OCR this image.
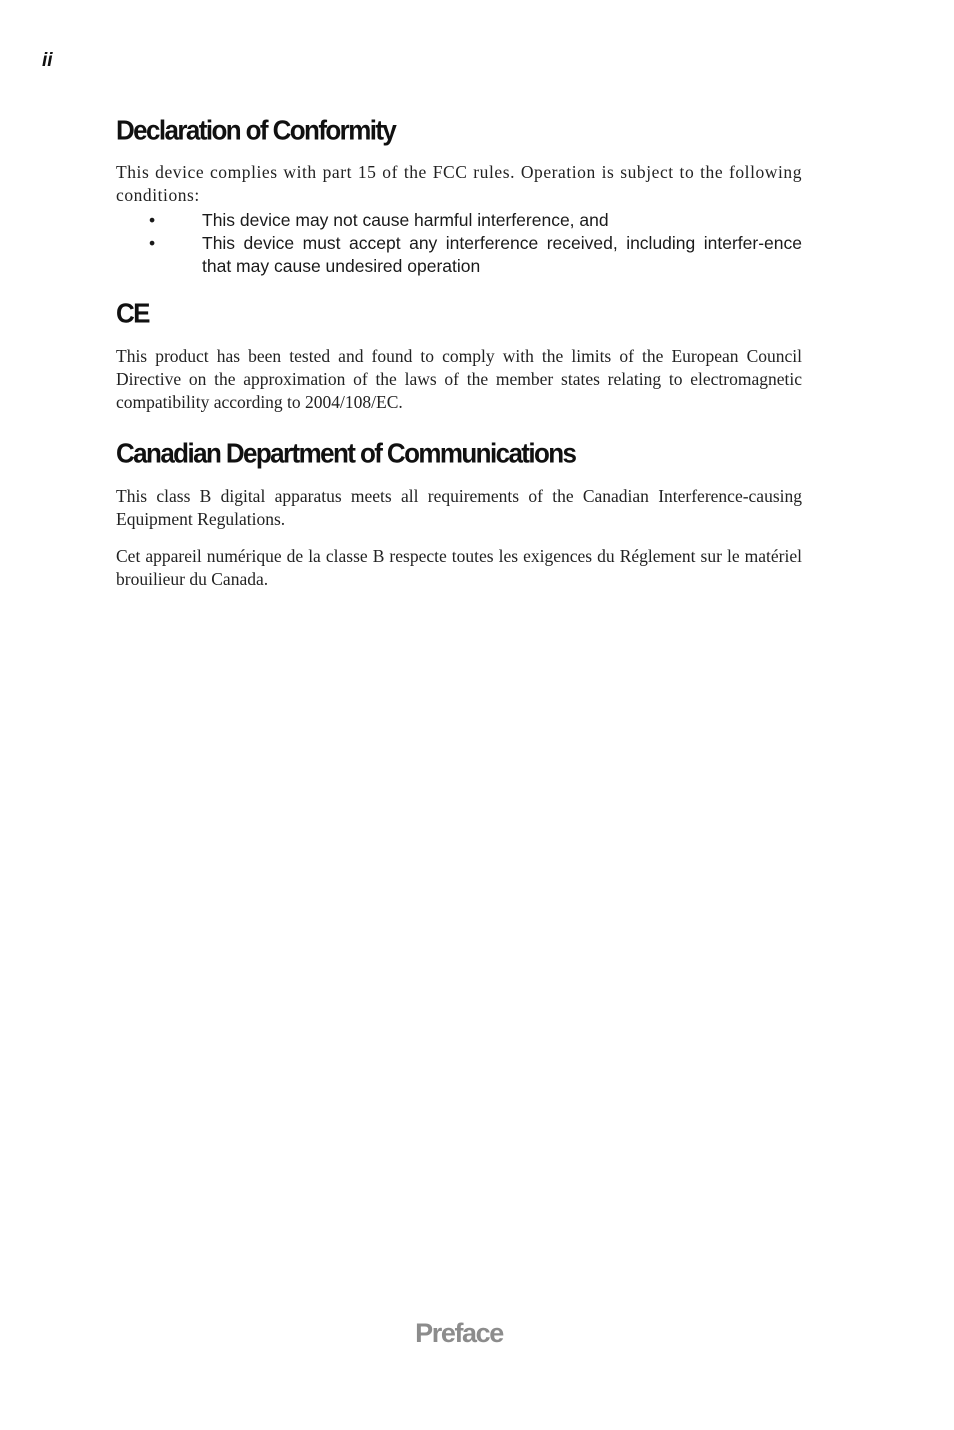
ii
Declaration of Conformity

This device complies with part 15 of the FCC rules. Operation is subject to the following conditions:

•	This device may not cause harmful interference, and
•	This device must accept any interference received, including interfer-ence that may cause undesired operation
CE

This product has been tested and found to comply with the limits of the European Council Directive on the approximation of the laws of the member states relating to electromagnetic compatibility according to 2004/108/EC.

Canadian Department of Communications

This class B digital apparatus meets all requirements of the Canadian Interference-causing Equipment Regulations.

Cet appareil numérique de la classe B respecte toutes les exigences du Réglement sur le matériel brouilieur du Canada.

Preface
